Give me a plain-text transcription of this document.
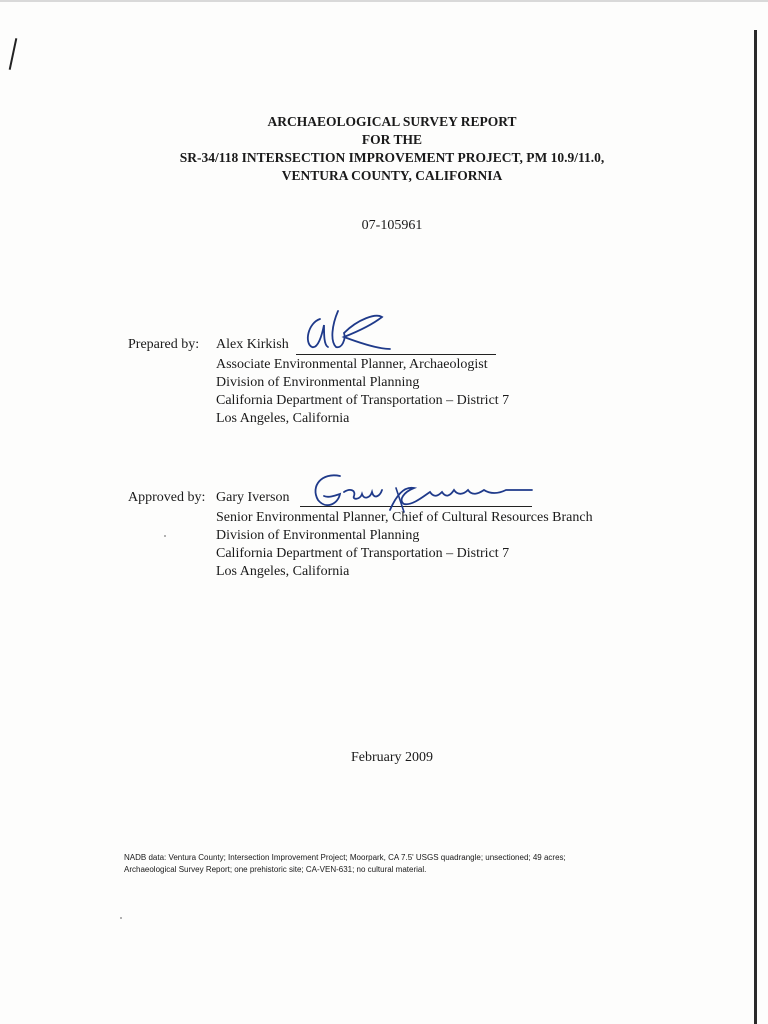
ARCHAEOLOGICAL SURVEY REPORT
FOR THE
SR-34/118 INTERSECTION IMPROVEMENT PROJECT, PM 10.9/11.0,
VENTURA COUNTY, CALIFORNIA
07-105961
Prepared by: Alex Kirkish
Associate Environmental Planner, Archaeologist
Division of Environmental Planning
California Department of Transportation – District 7
Los Angeles, California
Approved by: Gary Iverson
Senior Environmental Planner, Chief of Cultural Resources Branch
Division of Environmental Planning
California Department of Transportation – District 7
Los Angeles, California
February 2009
NADB data: Ventura County; Intersection Improvement Project; Moorpark, CA 7.5' USGS quadrangle; unsectioned; 49 acres;
Archaeological Survey Report; one prehistoric site; CA-VEN-631; no cultural material.
